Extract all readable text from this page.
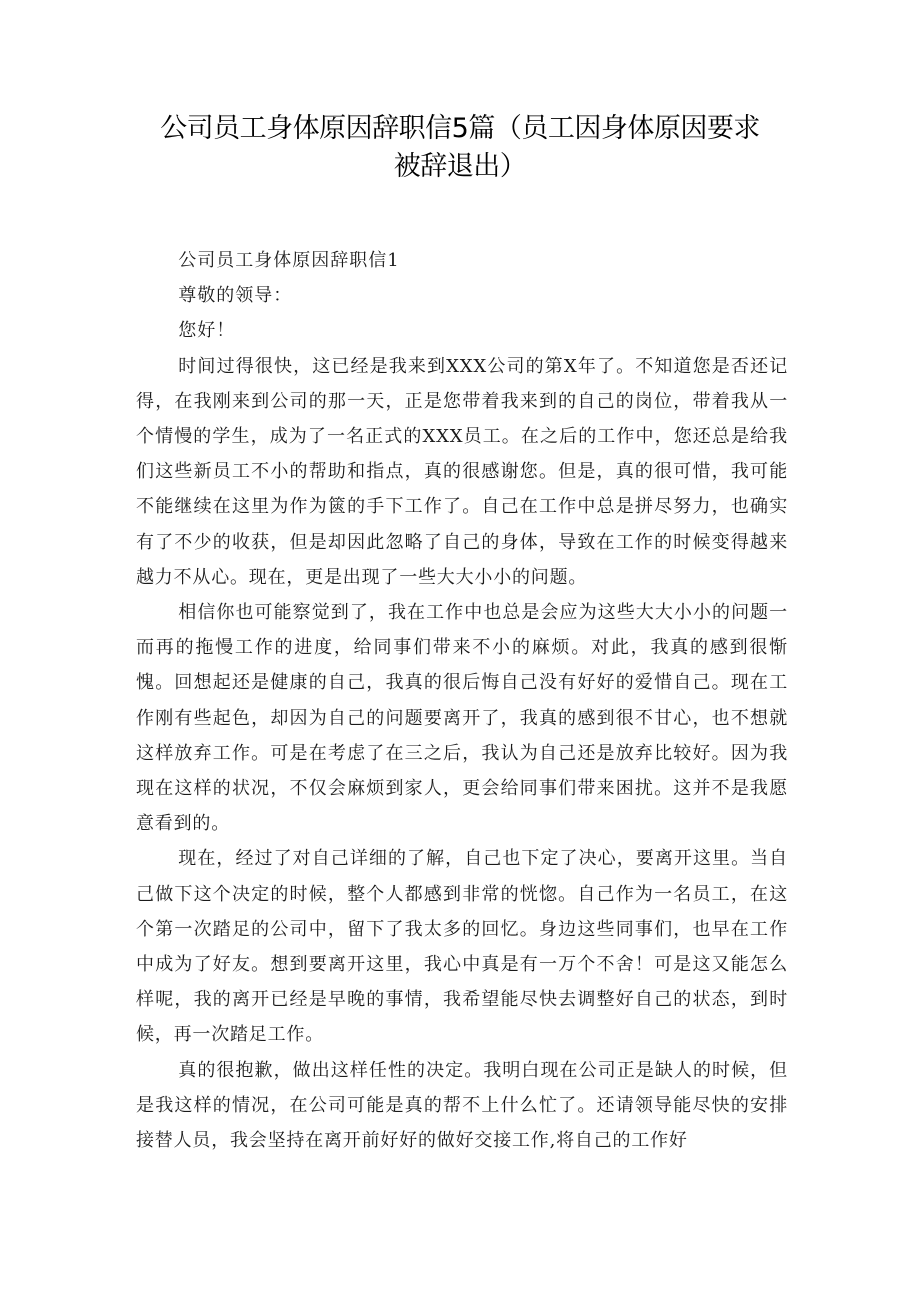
公司员工身体原因辞职信5篇（员工因身体原因要求被辞退出）

公司员工身体原因辞职信1

尊敬的领导：

您好！

时间过得很快，这已经是我来到XXX公司的第X年了。不知道您是否还记得，在我刚来到公司的那一天，正是您带着我来到的自己的岗位，带着我从一个情慢的学生，成为了一名正式的XXX员工。在之后的工作中，您还总是给我们这些新员工不小的帮助和指点，真的很感谢您。但是，真的很可惜，我可能不能继续在这里为作为篋的手下工作了。自己在工作中总是拼尽努力，也确实有了不少的收获，但是却因此忽略了自己的身体，导致在工作的时候变得越来越力不从心。现在，更是出现了一些大大小小的问题。

相信你也可能察觉到了，我在工作中也总是会应为这些大大小小的问题一而再的拖慢工作的进度，给同事们带来不小的麻烦。对此，我真的感到很惭愧。回想起还是健康的自己，我真的很后悔自己没有好好的爱惜自己。现在工作刚有些起色，却因为自己的问题要离开了，我真的感到很不甘心，也不想就这样放弃工作。可是在考虑了在三之后，我认为自己还是放弃比较好。因为我现在这样的状况，不仅会麻烦到家人，更会给同事们带来困扰。这并不是我愿意看到的。

现在，经过了对自己详细的了解，自己也下定了决心，要离开这里。当自己做下这个决定的时候，整个人都感到非常的恍惚。自己作为一名员工，在这个第一次踏足的公司中，留下了我太多的回忆。身边这些同事们，也早在工作中成为了好友。想到要离开这里，我心中真是有一万个不舍！可是这又能怎么样呢，我的离开已经是早晚的事情，我希望能尽快去调整好自己的状态，到时候，再一次踏足工作。

真的很抱歉，做出这样任性的决定。我明白现在公司正是缺人的时候，但是我这样的情况，在公司可能是真的帮不上什么忙了。还请领导能尽快的安排接替人员，我会坚持在离开前好好的做好交接工作,将自己的工作好
